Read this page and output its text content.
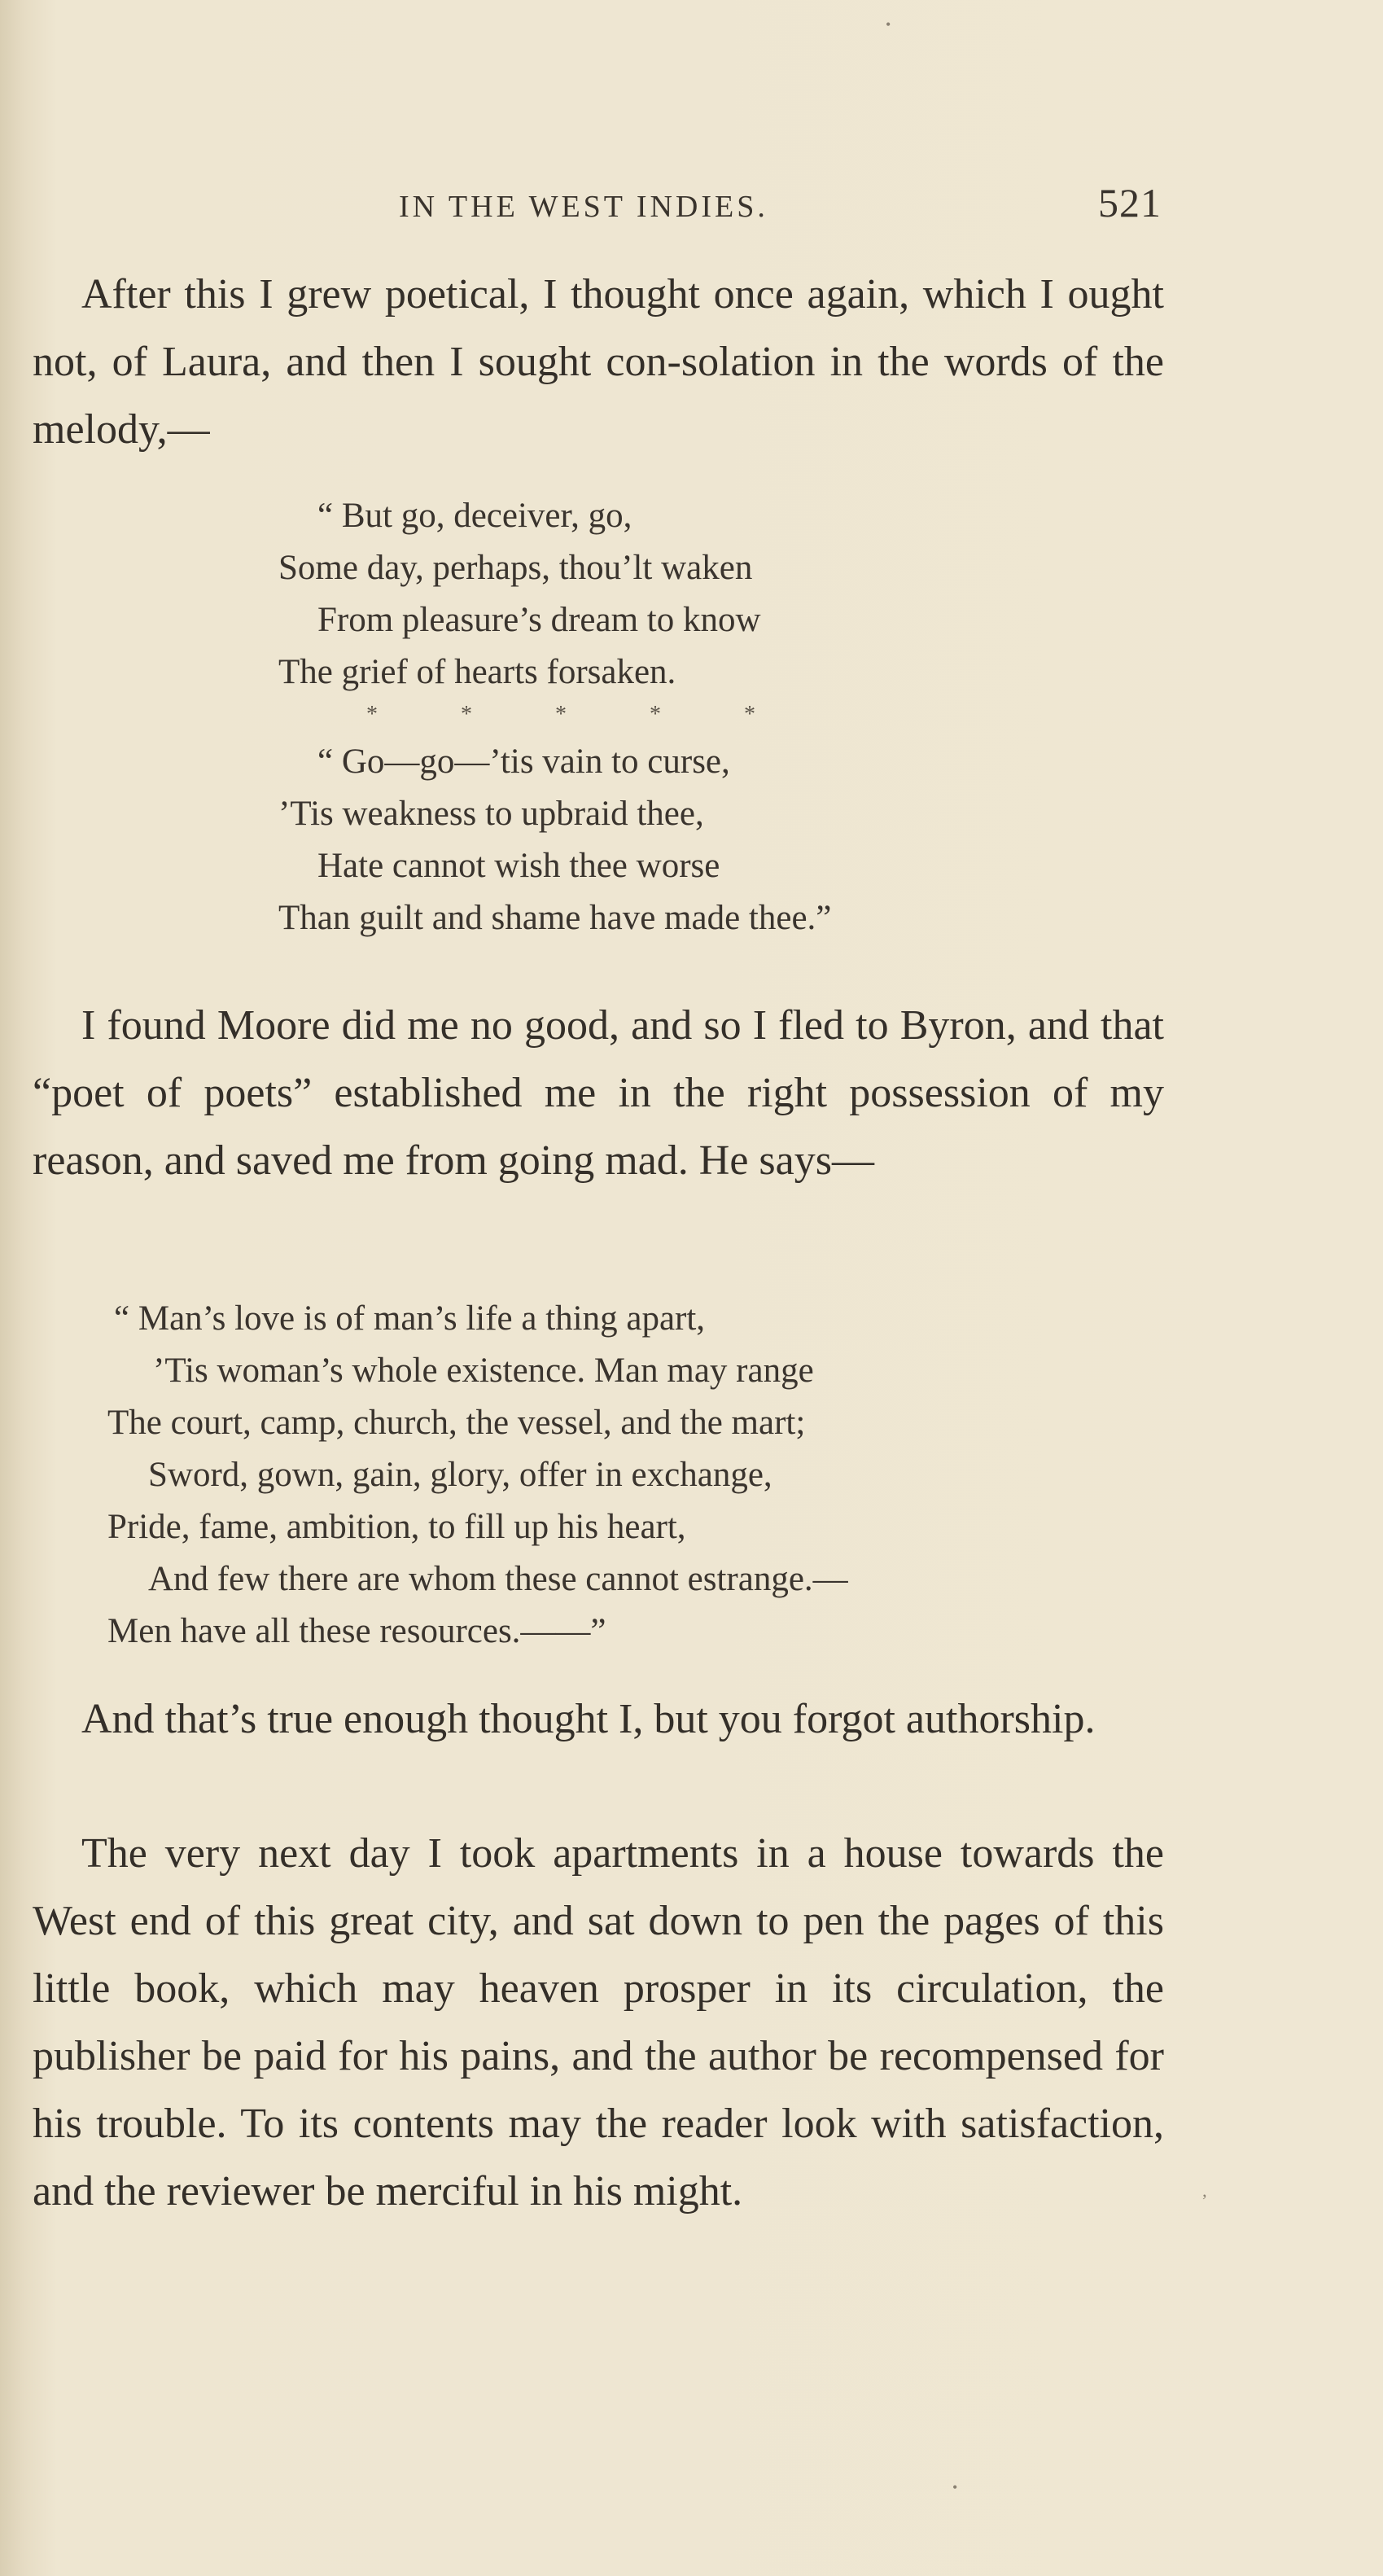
•
IN THE WEST INDIES.	521

After this I grew poetical, I thought once again, which I ought not, of Laura, and then I sought con-solation in the words of the melody,—

“ But go, deceiver, go,
Some day, perhaps, thou’lt waken
From pleasure’s dream to know
The grief of hearts forsaken.
*	*	*	*	*
“ Go—go—’tis vain to curse,
’Tis weakness to upbraid thee,
Hate cannot wish thee worse
Than guilt and shame have made thee.”

I found Moore did me no good, and so I fled to Byron, and that “poet of poets” established me in the right possession of my reason, and saved me from going mad. He says—

“ Man’s love is of man’s life a thing apart,
’Tis woman’s whole existence. Man may range
The court, camp, church, the vessel, and the mart;
Sword, gown, gain, glory, offer in exchange,
Pride, fame, ambition, to fill up his heart,
And few there are whom these cannot estrange.—
Men have all these resources.——”

And that’s true enough thought I, but you forgot authorship.

The very next day I took apartments in a house towards the West end of this great city, and sat down to pen the pages of this little book, which may heaven prosper in its circulation, the publisher be paid for his pains, and the author be recompensed for his trouble. To its contents may the reader look with satisfaction, and the reviewer be merciful in his might.	’
•
